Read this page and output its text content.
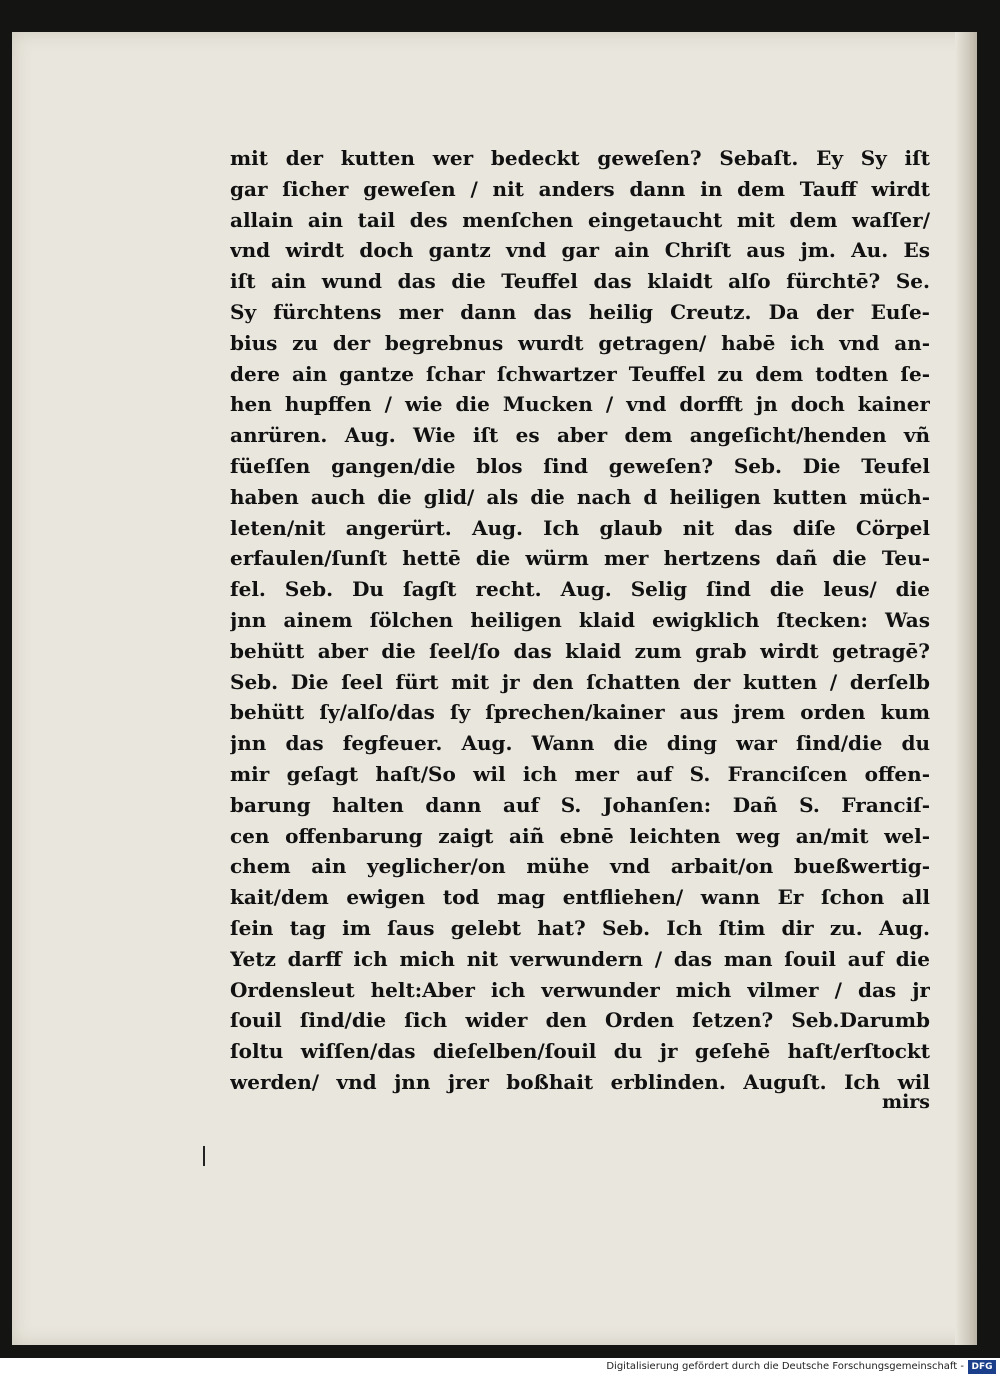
mit der kutten wer bedeckt geweſen? Sebaſt. Ey Sy iſt
gar ſicher geweſen / nit anders dann in dem Tauff wirdt
allain ain tail des menſchen eingetaucht mit dem waſſer/
vnd wirdt doch gantz vnd gar ain Chriſt aus jm. Au. Es
iſt ain wund das die Teuffel das klaidt alſo fürchtē? Se.
Sy fürchtens mer dann das heilig Creutz. Da der Euſe-
bius zu der begrebnus wurdt getragen/ habē ich vnd an-
dere ain gantze ſchar ſchwartzer Teuffel zu dem todten ſe-
hen hupffen / wie die Mucken / vnd dorfft jn doch kainer
anrüren. Aug. Wie iſt es aber dem angeſicht/henden vñ
füeſſen gangen/die blos ſind geweſen? Seb. Die Teufel
haben auch die glid/ als die nach d heiligen kutten müch-
leten/nit angerürt. Aug. Ich glaub nit das diſe Cörpel
erfaulen/ſunſt hettē die würm mer hertzens dañ die Teu-
fel. Seb. Du ſagſt recht. Aug. Selig ſind die leus/ die
jnn ainem ſölchen heiligen klaid ewigklich ſtecken: Was
behütt aber die ſeel/ſo das klaid zum grab wirdt getragē?
Seb. Die ſeel fürt mit jr den ſchatten der kutten / derſelb
behütt ſy/alſo/das ſy ſprechen/kainer aus jrem orden kum
jnn das fegfeuer. Aug. Wann die ding war ſind/die du
mir geſagt haſt/So wil ich mer auf S. Franciſcen offen-
barung halten dann auf S. Johanſen: Dañ S. Franciſ-
cen offenbarung zaigt aiñ ebnē leichten weg an/mit wel-
chem ain yeglicher/on mühe vnd arbait/on bueßwertig-
kait/dem ewigen tod mag entfliehen/ wann Er ſchon all
ſein tag im ſaus gelebt hat? Seb. Ich ſtim dir zu. Aug.
Yetz darff ich mich nit verwundern / das man ſouil auf die
Ordensleut helt:Aber ich verwunder mich vilmer / das jr
ſouil ſind/die ſich wider den Orden ſetzen? Seb.Darumb
ſoltu wiſſen/das dieſelben/ſouil du jr geſehē haſt/erſtockt
werden/ vnd jnn jrer boßhait erblinden. Auguſt. Ich wil
mirs
Digitalisierung gefördert durch die Deutsche Forschungsgemeinschaft - DFG
